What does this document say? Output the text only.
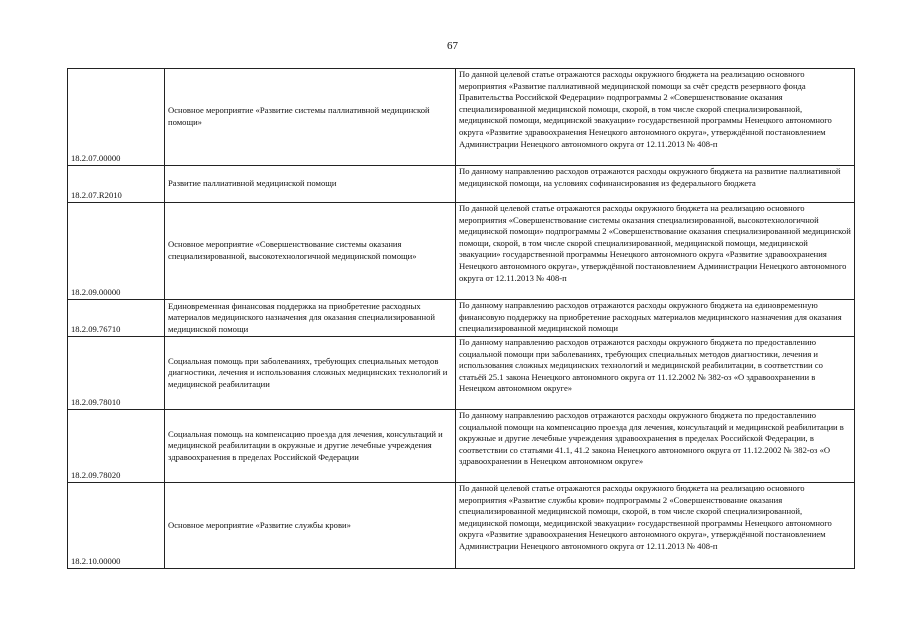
67
18.2.07.00000	Основное мероприятие «Развитие системы паллиативной медицинской помощи»	По данной целевой статье отражаются расходы окружного бюджета на реализацию основного мероприятия «Развитие паллиативной медицинской помощи за счёт средств резервного фонда Правительства Российской Федерации» подпрограммы 2 «Совершенствование оказания специализированной медицинской помощи, скорой, в том числе скорой специализированной, медицинской помощи, медицинской эвакуации» государственной программы Ненецкого автономного округа «Развитие здравоохранения Ненецкого автономного округа», утверждённой постановлением Администрации Ненецкого автономного округа от 12.11.2013 № 408-п
18.2.07.R2010	Развитие паллиативной медицинской помощи	По данному направлению расходов отражаются расходы окружного бюджета на развитие паллиативной медицинской помощи, на условиях софинансирования из федерального бюджета
18.2.09.00000	Основное мероприятие «Совершенствование системы оказания специализированной, высокотехнологичной медицинской помощи»	По данной целевой статье отражаются расходы окружного бюджета на реализацию основного мероприятия «Совершенствование системы оказания специализированной, высокотехнологичной медицинской помощи» подпрограммы 2 «Совершенствование оказания специализированной медицинской помощи, скорой, в том числе скорой специализированной, медицинской помощи, медицинской эвакуации» государственной программы Ненецкого автономного округа «Развитие здравоохранения Ненецкого автономного округа», утверждённой постановлением Администрации Ненецкого автономного округа от 12.11.2013 № 408-п
18.2.09.76710	Единовременная финансовая поддержка на приобретение расходных материалов медицинского назначения для оказания специализированной медицинской помощи	По данному направлению расходов отражаются расходы окружного бюджета на единовременную финансовую поддержку на приобретение расходных материалов медицинского назначения для оказания специализированной медицинской помощи
18.2.09.78010	Социальная помощь при заболеваниях, требующих специальных методов диагностики, лечения и использования сложных медицинских технологий и медицинской реабилитации	По данному направлению расходов отражаются расходы окружного бюджета по предоставлению социальной помощи при заболеваниях, требующих специальных методов диагностики, лечения и использования сложных медицинских технологий и медицинской реабилитации, в соответствии со статьёй 25.1 закона Ненецкого автономного округа от 11.12.2002 № 382-оз «О здравоохранении в Ненецком автономном округе»
18.2.09.78020	Социальная помощь на компенсацию проезда для лечения, консультаций и медицинской реабилитации в окружные и другие лечебные учреждения здравоохранения в пределах Российской Федерации	По данному направлению расходов отражаются расходы окружного бюджета по предоставлению социальной помощи на компенсацию проезда для лечения, консультаций и медицинской реабилитации в окружные и другие лечебные учреждения здравоохранения в пределах Российской Федерации, в соответствии со статьями 41.1, 41.2 закона Ненецкого автономного округа от 11.12.2002 № 382-оз «О здравоохранении в Ненецком автономном округе»
18.2.10.00000	Основное мероприятие «Развитие службы крови»	По данной целевой статье отражаются расходы окружного бюджета на реализацию основного мероприятия «Развитие службы крови» подпрограммы 2 «Совершенствование оказания специализированной медицинской помощи, скорой, в том числе скорой специализированной, медицинской помощи, медицинской эвакуации» государственной программы Ненецкого автономного округа «Развитие здравоохранения Ненецкого автономного округа», утверждённой постановлением Администрации Ненецкого автономного округа от 12.11.2013 № 408-п
